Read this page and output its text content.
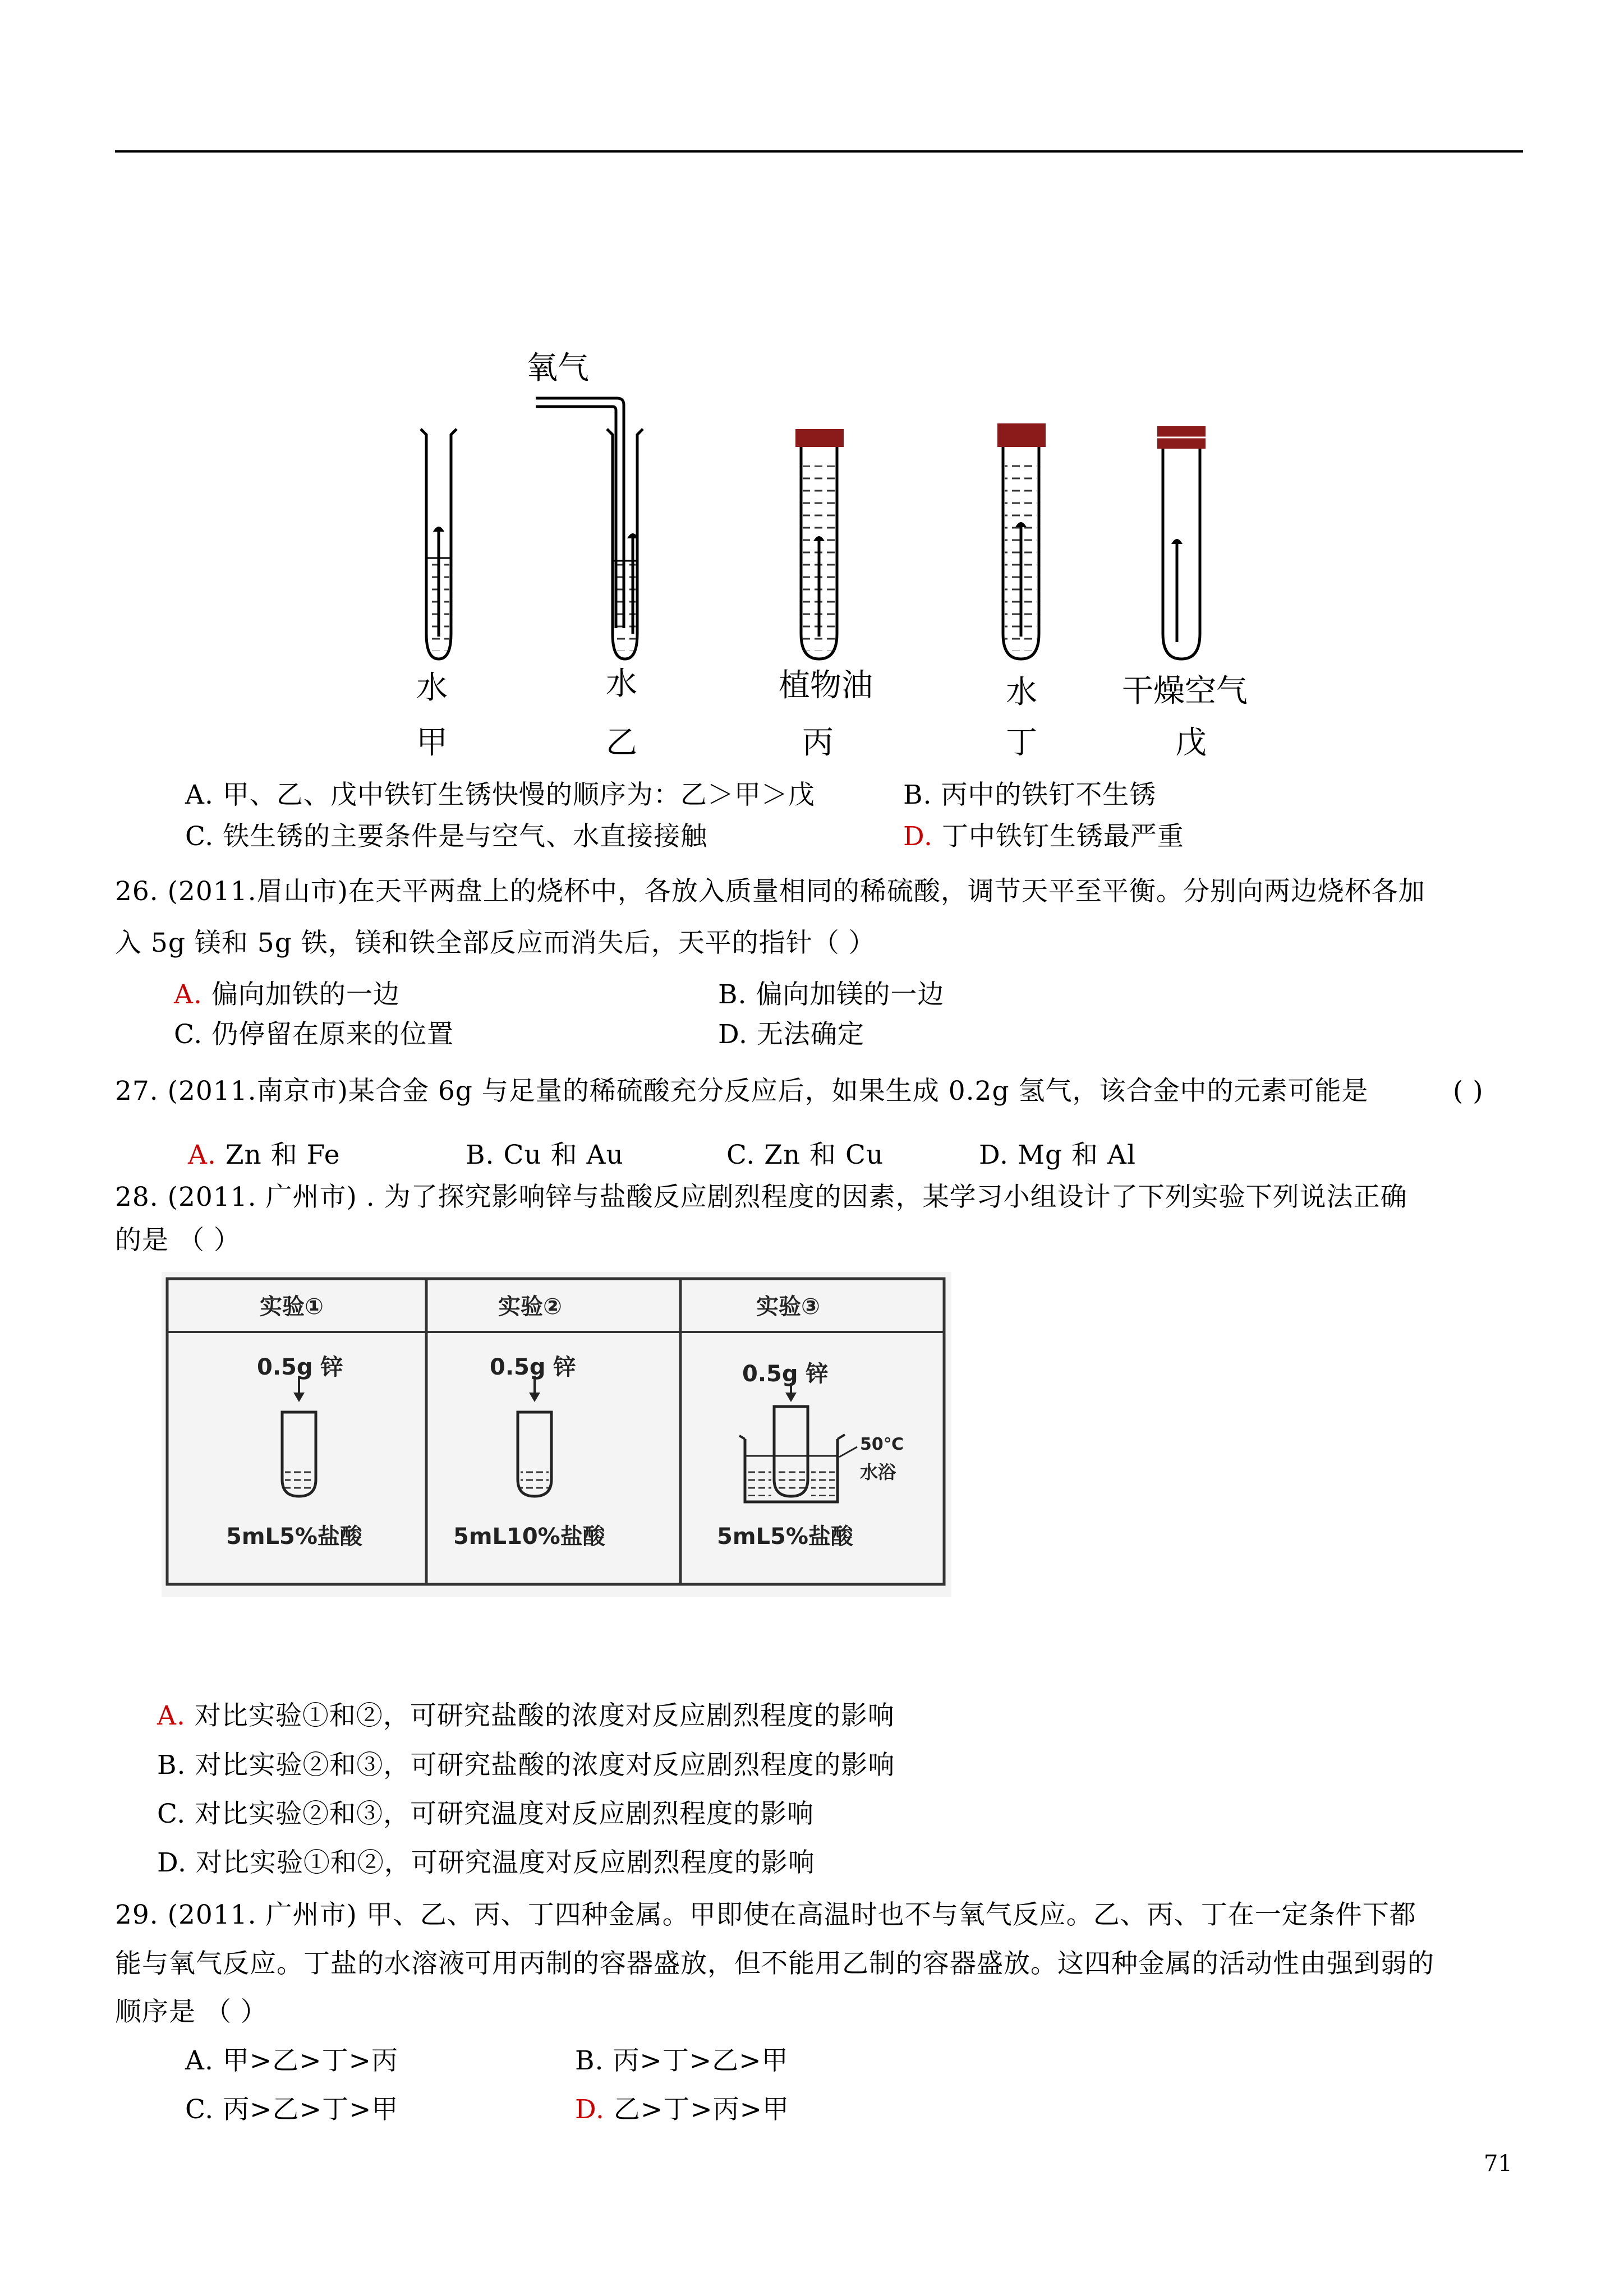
氧气
水
甲
水
乙
植物油
丙
水
丁
干燥空气
戊
A. 甲、乙、戊中铁钉生锈快慢的顺序为：乙＞甲＞戊	B. 丙中的铁钉不生锈
C. 铁生锈的主要条件是与空气、水直接接触	D. 丁中铁钉生锈最严重
26. (2011.眉山市)在天平两盘上的烧杯中，各放入质量相同的稀硫酸，调节天平至平衡。分别向两边烧杯各加
入 5g 镁和 5g 铁，镁和铁全部反应而消失后，天平的指针（ ）
A. 偏向加铁的一边	B. 偏向加镁的一边
C. 仍停留在原来的位置	D. 无法确定
27. (2011.南京市)某合金 6g 与足量的稀硫酸充分反应后，如果生成 0.2g 氢气，该合金中的元素可能是	( )
A. Zn 和 Fe	B. Cu 和 Au	C. Zn 和 Cu	D. Mg 和 Al
28. (2011. 广州市) . 为了探究影响锌与盐酸反应剧烈程度的因素，某学习小组设计了下列实验下列说法正确
的是 （ ）
实验①	实验②	实验③
0.5g 锌	0.5g 锌	0.5g 锌
50℃
水浴
5mL5%盐酸	5mL10%盐酸	5mL5%盐酸
A. 对比实验①和②，可研究盐酸的浓度对反应剧烈程度的影响
B. 对比实验②和③，可研究盐酸的浓度对反应剧烈程度的影响
C. 对比实验②和③，可研究温度对反应剧烈程度的影响
D. 对比实验①和②，可研究温度对反应剧烈程度的影响
29. (2011. 广州市) 甲、乙、丙、丁四种金属。甲即使在高温时也不与氧气反应。乙、丙、丁在一定条件下都
能与氧气反应。丁盐的水溶液可用丙制的容器盛放，但不能用乙制的容器盛放。这四种金属的活动性由强到弱的
顺序是 （ ）
A. 甲>乙>丁>丙	B. 丙>丁>乙>甲
C. 丙>乙>丁>甲	D. 乙>丁>丙>甲
71
